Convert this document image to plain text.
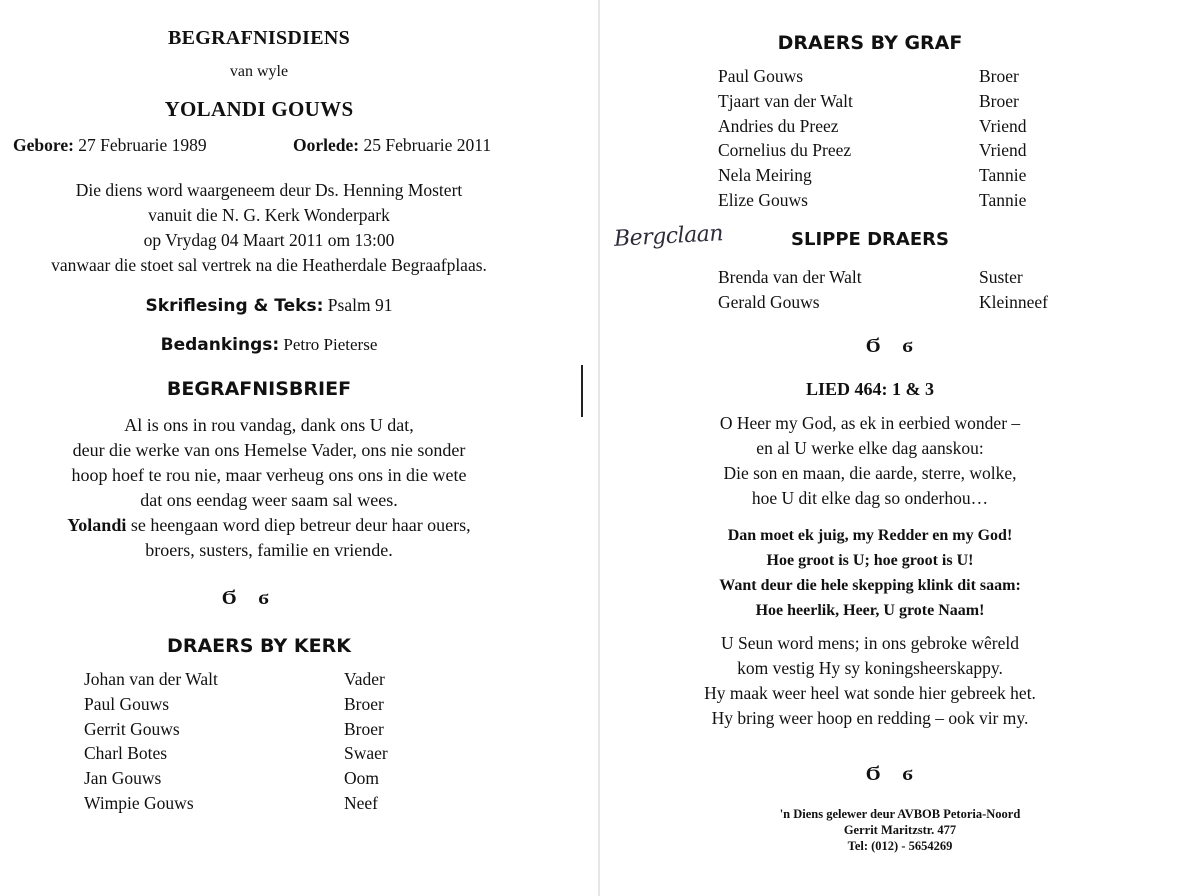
BEGRAFNISDIENS
van wyle
YOLANDI GOUWS
Gebore: 27 Februarie 1989	Oorlede: 25 Februarie 2011
Die diens word waargeneem deur Ds. Henning Mostert
vanuit die N. G. Kerk Wonderpark
op Vrydag 04 Maart 2011 om 13:00
vanwaar die stoet sal vertrek na die Heatherdale Begraafplaas.
Skriflesing & Teks: Psalm 91
Bedankings: Petro Pieterse
BEGRAFNISBRIEF
Al is ons in rou vandag, dank ons U dat,
deur die werke van ons Hemelse Vader, ons nie sonder
hoop hoef te rou nie, maar verheug ons ons in die wete
dat ons eendag weer saam sal wees.
Yolandi se heengaan word diep betreur deur haar ouers,
broers, susters, familie en vriende.
Ϭϭ
DRAERS BY KERK
Johan van der Walt	Vader
Paul Gouws	Broer
Gerrit Gouws	Broer
Charl Botes	Swaer
Jan Gouws	Oom
Wimpie Gouws	Neef
DRAERS BY GRAF
Paul Gouws	Broer
Tjaart van der Walt	Broer
Andries du Preez	Vriend
Cornelius du Preez	Vriend
Nela Meiring	Tannie
Elize Gouws	Tannie
Bergclaan	SLIPPE DRAERS
Brenda van der Walt	Suster
Gerald Gouws	Kleinneef
Ϭϭ
LIED 464: 1 & 3
O Heer my God, as ek in eerbied wonder –
en al U werke elke dag aanskou:
Die son en maan, die aarde, sterre, wolke,
hoe U dit elke dag so onderhou…
Dan moet ek juig, my Redder en my God!
Hoe groot is U; hoe groot is U!
Want deur die hele skepping klink dit saam:
Hoe heerlik, Heer, U grote Naam!
U Seun word mens; in ons gebroke wêreld
kom vestig Hy sy koningsheerskappy.
Hy maak weer heel wat sonde hier gebreek het.
Hy bring weer hoop en redding – ook vir my.
Ϭϭ
'n Diens gelewer deur AVBOB Petoria-Noord
Gerrit Maritzstr. 477
Tel: (012) - 5654269
